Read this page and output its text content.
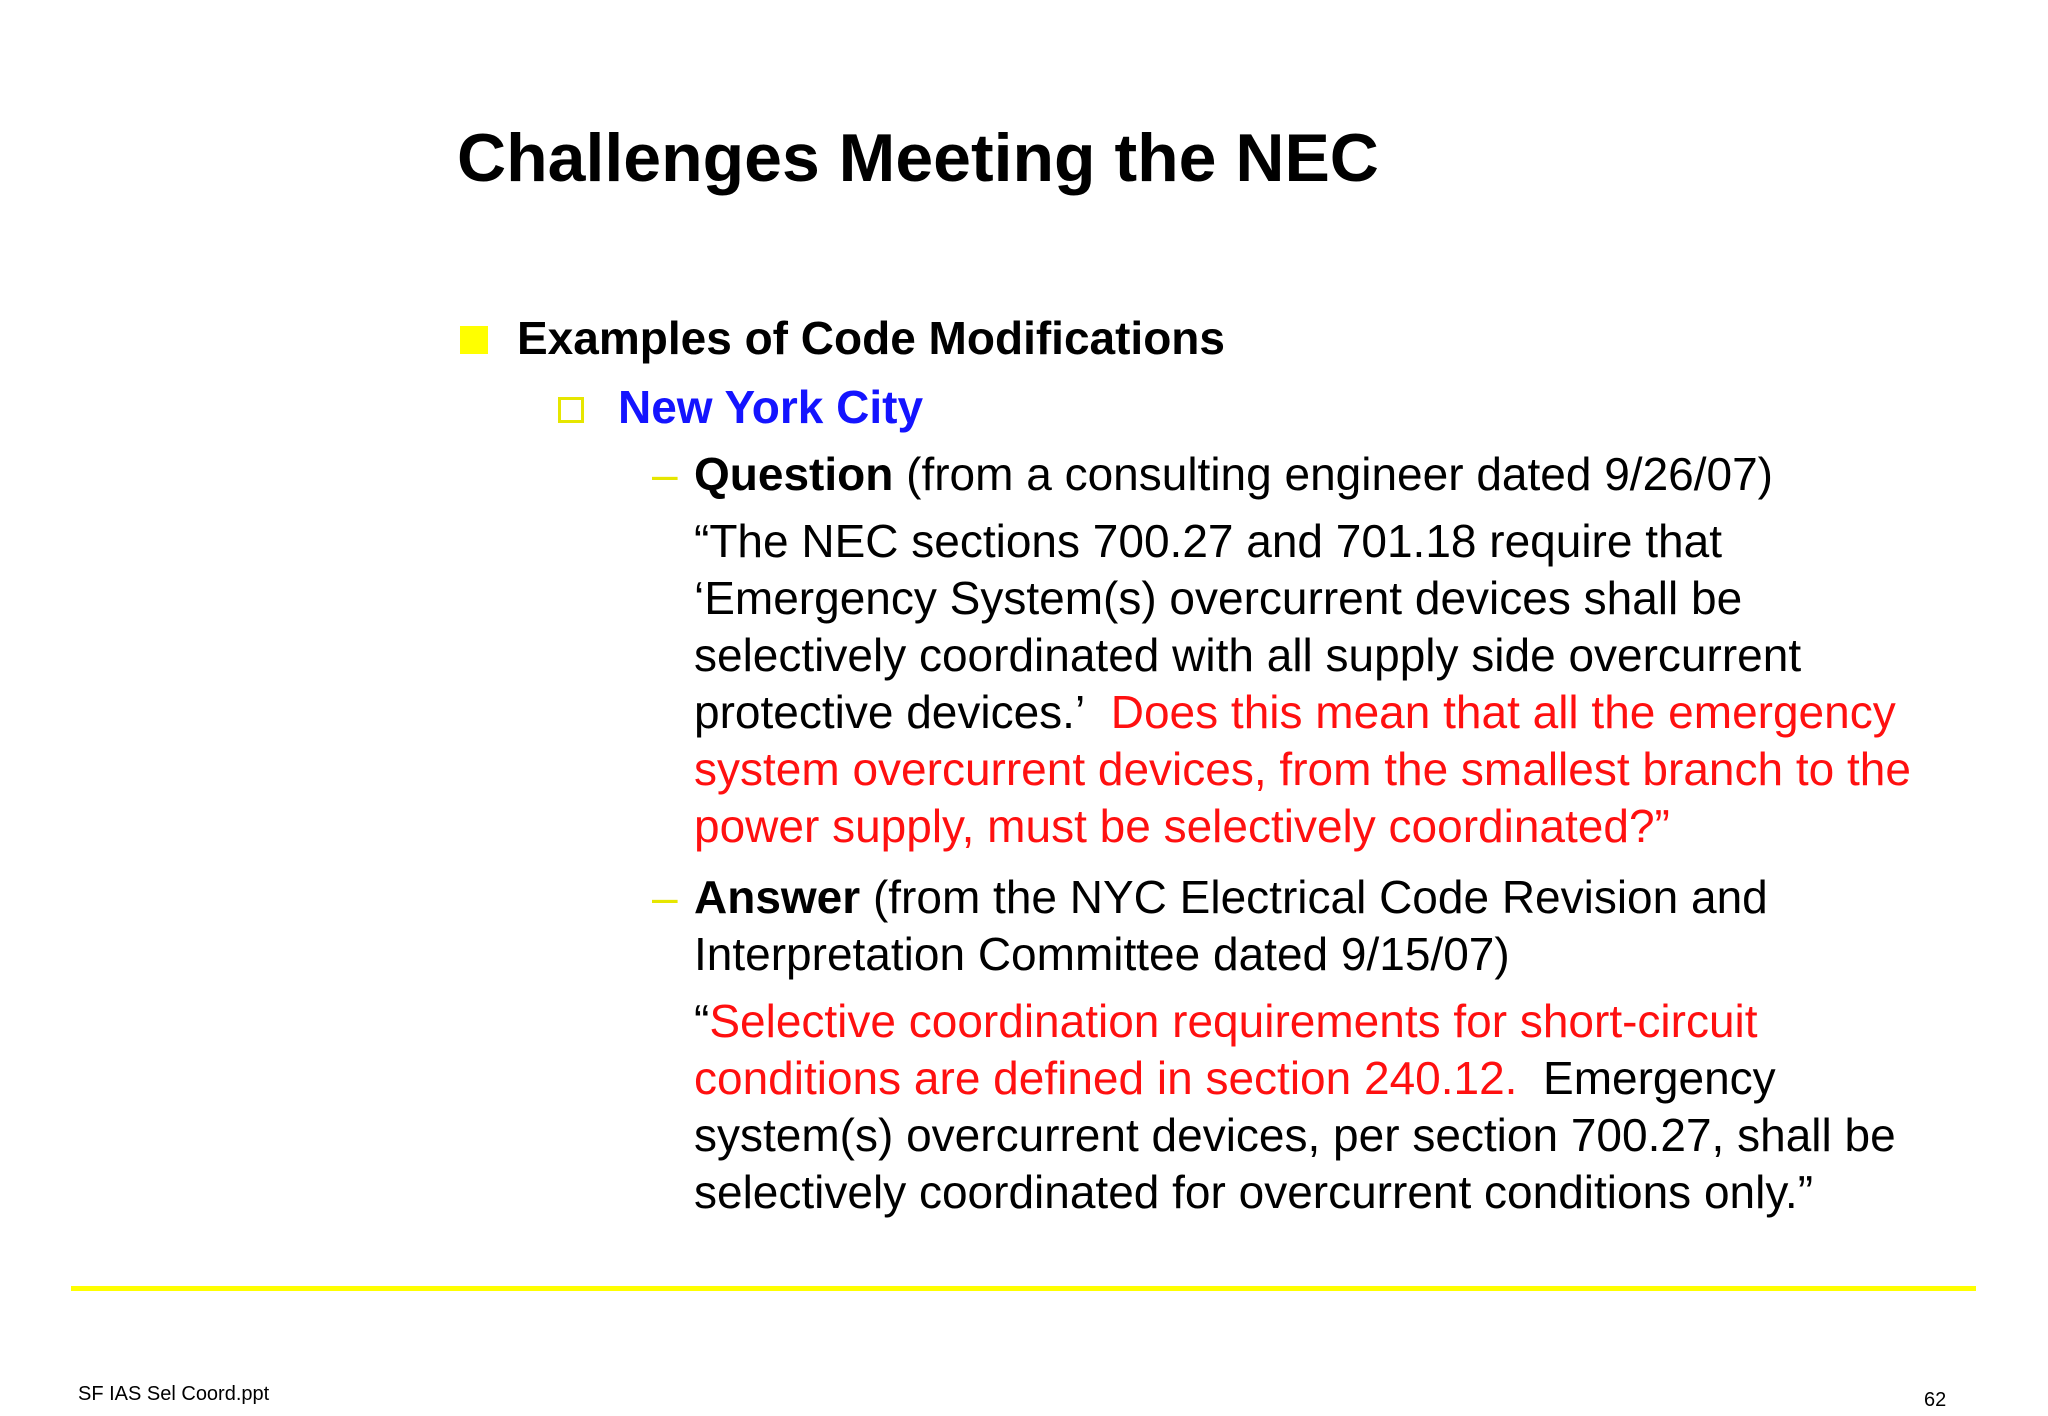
Challenges Meeting the NEC
Examples of Code Modifications
New York City
– Question (from a consulting engineer dated 9/26/07)
“The NEC sections 700.27 and 701.18 require that
‘Emergency System(s) overcurrent devices shall be
selectively coordinated with all supply side overcurrent
protective devices.’ Does this mean that all the emergency
system overcurrent devices, from the smallest branch to the
power supply, must be selectively coordinated?”
– Answer (from the NYC Electrical Code Revision and
Interpretation Committee dated 9/15/07)
“Selective coordination requirements for short-circuit
conditions are defined in section 240.12. Emergency
system(s) overcurrent devices, per section 700.27, shall be
selectively coordinated for overcurrent conditions only.”
SF IAS Sel Coord.ppt	62
